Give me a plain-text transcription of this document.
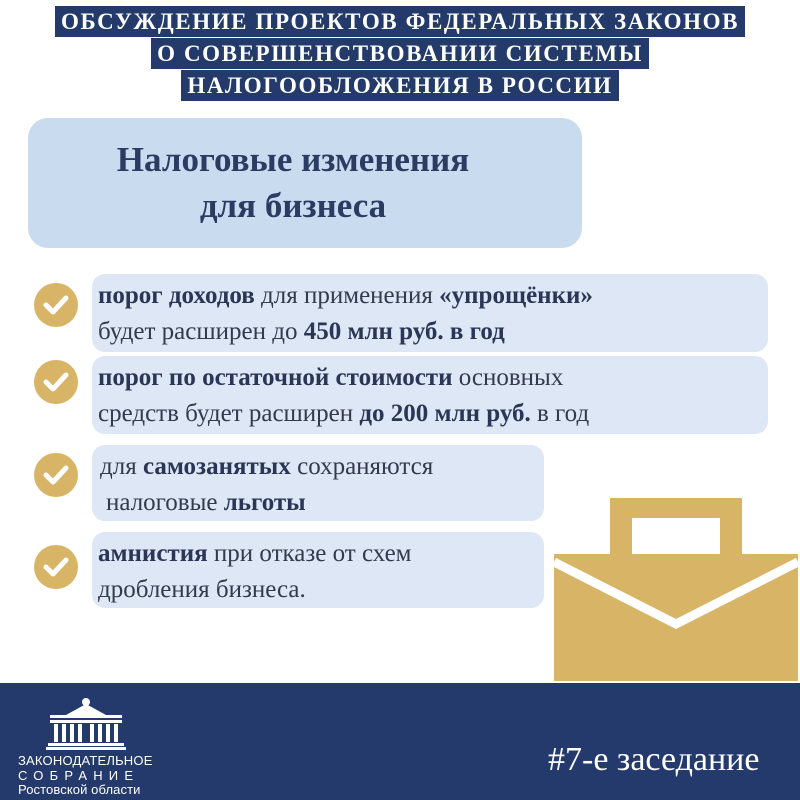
ОБСУЖДЕНИЕ ПРОЕКТОВ ФЕДЕРАЛЬНЫХ ЗАКОНОВ
О СОВЕРШЕНСТВОВАНИИ СИСТЕМЫ
НАЛОГООБЛОЖЕНИЯ В РОССИИ
Налоговые изменения
для бизнеса
порог доходов для применения «упрощёнки»
будет расширен до 450 млн руб. в год
порог по остаточной стоимости основных
средств будет расширен до 200 млн руб. в год
для самозанятых сохраняются
налоговые льготы
амнистия при отказе от схем
дробления бизнеса.
ЗАКОНОДАТЕЛЬНОЕ
СОБРАНИЕ
Ростовской области
#7-е заседание
